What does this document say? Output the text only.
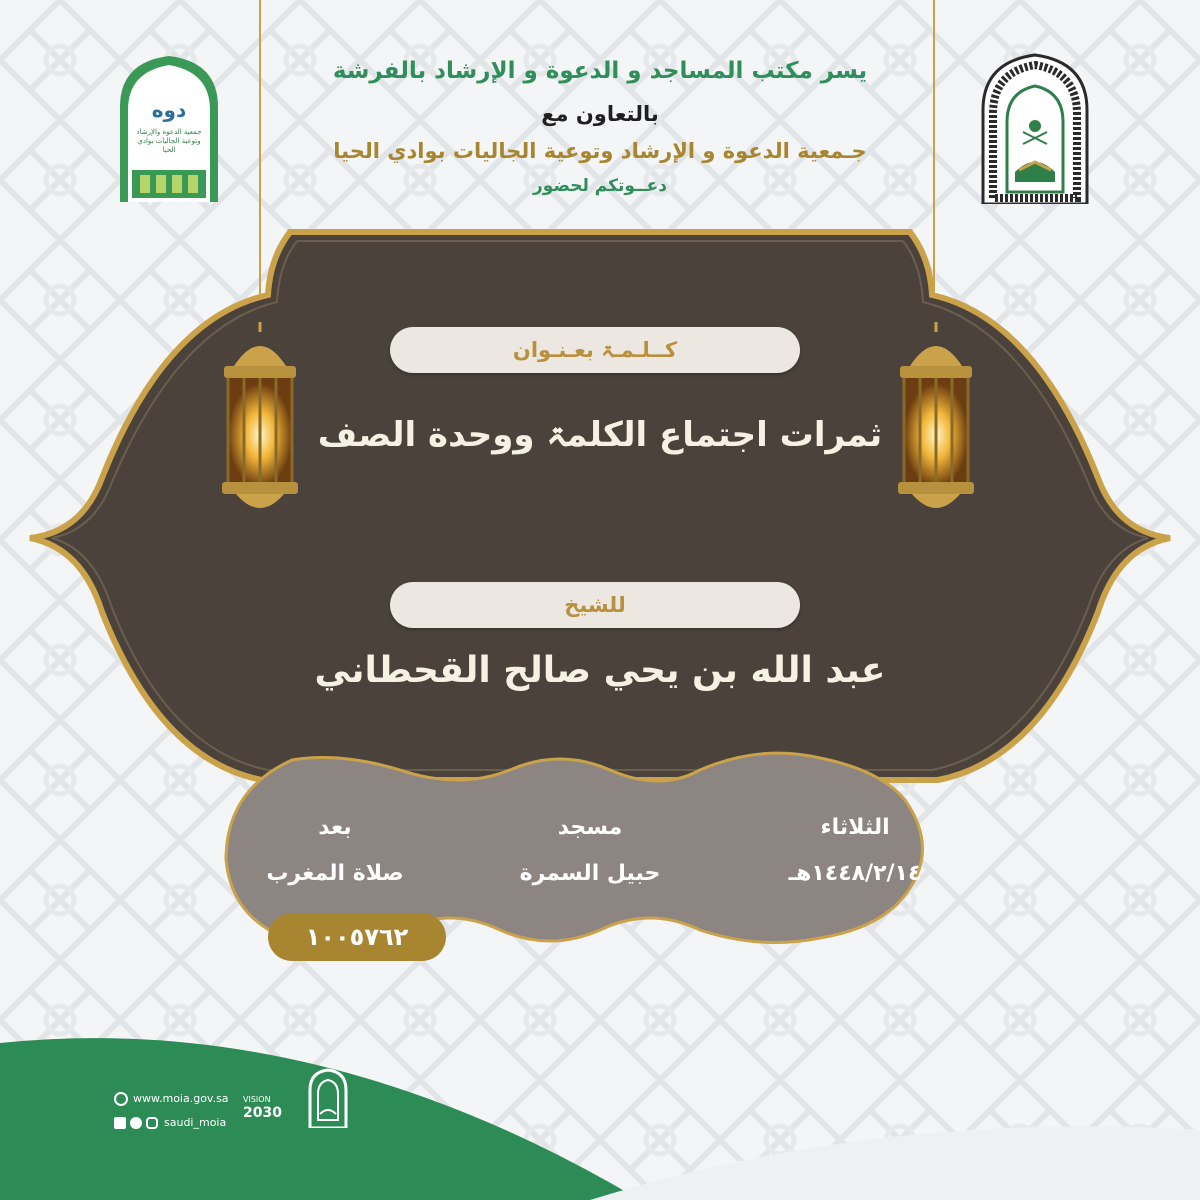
يسر مكتب المساجد و الدعوة و الإرشاد بالفرشة
بالتعاون مع
جـمعية الدعوة و الإرشاد وتوعية الجاليات بوادي الحيا
دعــوتكم لحضور
دوه
جمعية الدعوة والإرشاد وتوعية الجاليات بوادي الحيا
كــلـمـۃ بعـنـوان
ثمرات اجتماع الكلمۃ ووحدة الصف
للشيخ
عبد الله بن يحي صالح القحطاني
الثلاثاء
١٤٤٨/٢/١٤هـ
مسجد
حبيل السمرة
بعد
صلاة المغرب
١٠٠٥٧٦٢
www.moia.gov.sa
saudi_moia
VISION
2030
